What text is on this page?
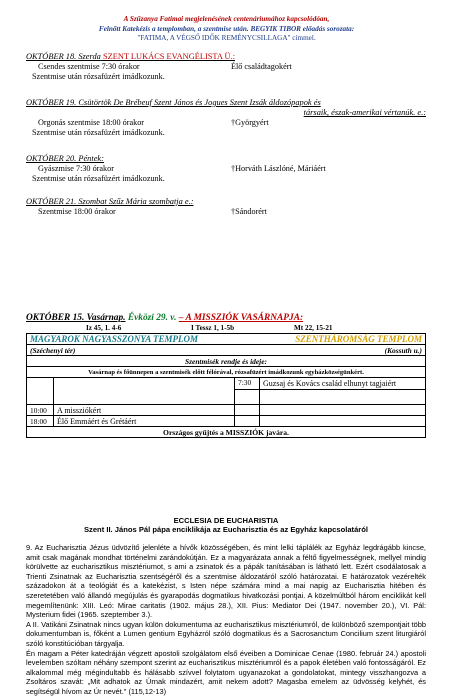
A Szűzanya Fatimai megjelenésének centenáriumához kapcsolódóan,
Felnőtt Katekézis a templomban, a szentmise után. BEGYIK TIBOR előadás sorozata:
"FATIMA, A VÉGSŐ IDŐK REMÉNYCSILLAGA" címmel.
OKTÓBER 18. Szerda SZENT LUKÁCS EVANGÉLISTA Ü.:
Csendes szentmise 7:30 órakor	Élő családtagokért
Szentmise után rózsafüzért imádkozunk.
OKTÓBER 19. Csütörtök De Brébeuf Szent János és Jogues Szent Izsák áldozópapok és
társaik, észak-amerikai vértanúk. e.:
Orgonás szentmise 18:00 órakor	†Györgyért
Szentmise után rózsafüzért imádkozunk.
OKTÓBER 20. Péntek:
Gyászmise 7:30 órakor	†Horváth Lászlóné, Máriáért
Szentmise után rózsafüzért imádkozunk.
OKTÓBER 21. Szombat Szűz Mária szombatja e.:
Szentmise 18:00 órakor	†Sándorért
OKTÓBER 15. Vasárnap. Évközi 29. v. – A MISSZIÓK VASÁRNAPJA:
Iz 45, 1. 4-6	I Tessz 1, 1-5b	Mt 22, 15-21
MAGYAROK NAGYASSZONYA TEMPLOM		SZENTHÁROMSÁG TEMPLOM	
(Széchenyi tér)		(Kossuth u.)	
Szentmisék rendje és ideje:			
Vasárnap és főünnepen a szentmisék előtt félórával, rózsafüzért imádkozunk egyházközségünkért.			
		7:30	Guzsaj és Kovács család elhunyt tagjaiért

10:00	A missziókért		
18:00	Élő Emmáért és Grétáért		
Országos gyűjtés a MISSZIÓK javára.			
ECCLESIA DE EUCHARISTIA
Szent II. János Pál pápa enciklikája az Eucharisztia és az Egyház kapcsolatáról

9. Az Eucharisztia Jézus üdvözítő jelenléte a hívők közösségében, és mint lelki táplálék az Egyház legdrágább kincse, amit csak magának mondhat történelmi zarándokútján. Ez a magyarázata annak a féltő figyelmességnek, mellyel mindig körülvette az eucharisztikus misztériumot, s ami a zsinatok és a pápák tanításában is látható lett. Ezért csodálatosak a Trienti Zsinatnak az Eucharisztia szentségéről és a szentmise áldozatáról szóló határozatai. E határozatok vezérelték századokon át a teológiát és a katekézist, s Isten népe számára mind a mai napig az Eucharisztia hitében és szeretetében való állandó megújulás és gyarapodás dogmatikus hivatkozási pontjai. A közelmúltból három enciklikát kell megemlítenünk: XIII. Leó: Mirae caritatis (1902. május 28.), XII. Pius: Mediator Dei (1947. november 20.), VI. Pál: Mysterium fidei (1965. szeptember 3.).

A II. Vatikáni Zsinatnak nincs ugyan külön dokumentuma az eucharisztikus misztériumról, de különböző szempontjait több dokumentumban is, főként a Lumen gentium Egyházról szóló dogmatikus és a Sacrosanctum Concilium szent liturgiáról szóló konstitúcióban tárgyalja.

Én magam a Péter katedráján végzett apostoli szolgálatom első éveiben a Dominicae Cenae (1980. február 24.) apostoli levelemben szóltam néhány szempont szerint az eucharisztikus misztériumról és a papok életében való fontosságáról. Ez alkalommal még mégindultabb és hálásabb szívvel folytatom ugyanazokat a gondolatokat, mintegy visszhangozva a Zsoltáros szavát: „Mit adhatok az Úrnak mindazért, amit nekem adott? Magasba emelem az üdvösség kelyhét, és segítségül hívom az Úr nevét." (115,12-13)
